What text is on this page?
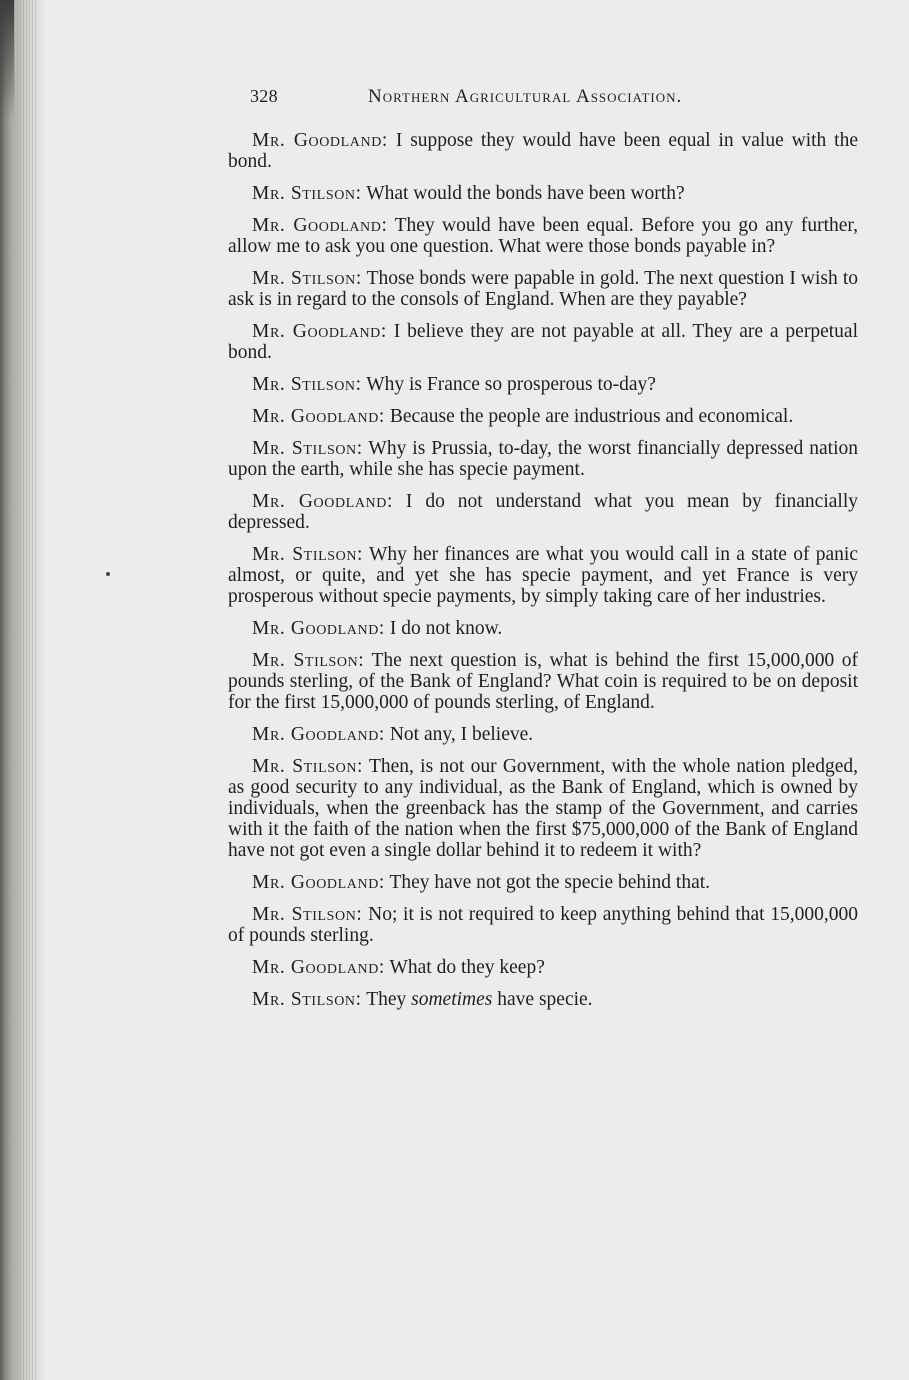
328	Northern Agricultural Association.

Mr. Goodland: I suppose they would have been equal in value with the bond.

Mr. Stilson: What would the bonds have been worth?

Mr. Goodland: They would have been equal. Before you go any further, allow me to ask you one question. What were those bonds payable in?

Mr. Stilson: Those bonds were papable in gold. The next question I wish to ask is in regard to the consols of England. When are they payable?

Mr. Goodland: I believe they are not payable at all. They are a perpetual bond.

Mr. Stilson: Why is France so prosperous to-day?

Mr. Goodland: Because the people are industrious and economical.

Mr. Stilson: Why is Prussia, to-day, the worst financially depressed nation upon the earth, while she has specie payment.

Mr. Goodland: I do not understand what you mean by financially depressed.

Mr. Stilson: Why her finances are what you would call in a state of panic almost, or quite, and yet she has specie payment, and yet France is very prosperous without specie payments, by simply taking care of her industries.

Mr. Goodland: I do not know.

Mr. Stilson: The next question is, what is behind the first 15,000,000 of pounds sterling, of the Bank of England? What coin is required to be on deposit for the first 15,000,000 of pounds sterling, of England.

Mr. Goodland: Not any, I believe.

Mr. Stilson: Then, is not our Government, with the whole nation pledged, as good security to any individual, as the Bank of England, which is owned by individuals, when the greenback has the stamp of the Government, and carries with it the faith of the nation when the first $75,000,000 of the Bank of England have not got even a single dollar behind it to redeem it with?

Mr. Goodland: They have not got the specie behind that.

Mr. Stilson: No; it is not required to keep anything behind that 15,000,000 of pounds sterling.

Mr. Goodland: What do they keep?

Mr. Stilson: They sometimes have specie.
